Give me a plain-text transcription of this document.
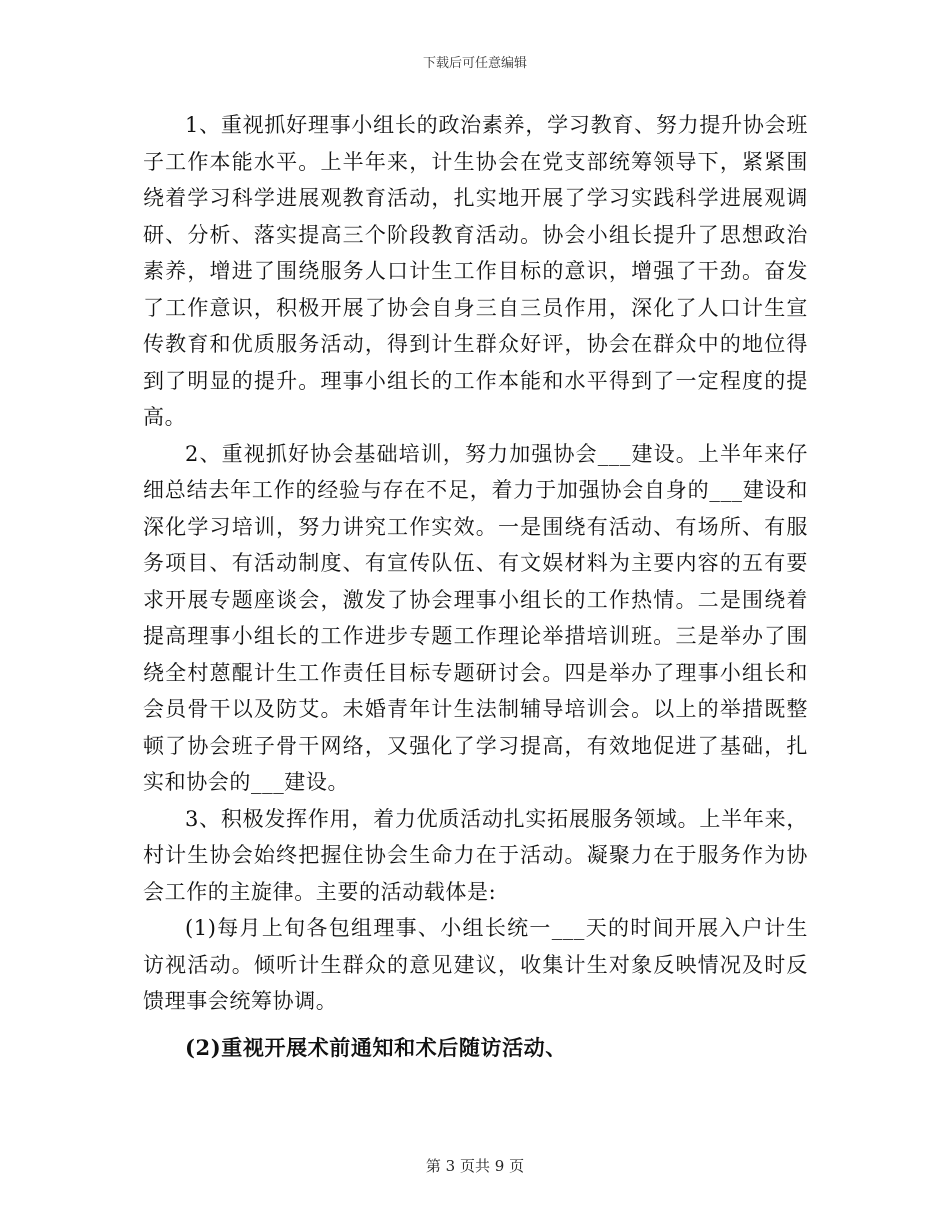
下载后可任意编辑

1、重视抓好理事小组长的政治素养，学习教育、努力提升协会班子工作本能水平。上半年来，计生协会在党支部统筹领导下，紧紧围绕着学习科学进展观教育活动，扎实地开展了学习实践科学进展观调研、分析、落实提高三个阶段教育活动。协会小组长提升了思想政治素养，增进了围绕服务人口计生工作目标的意识，增强了干劲。奋发了工作意识，积极开展了协会自身三自三员作用，深化了人口计生宣传教育和优质服务活动，得到计生群众好评，协会在群众中的地位得到了明显的提升。理事小组长的工作本能和水平得到了一定程度的提高。

2、重视抓好协会基础培训，努力加强协会___建设。上半年来仔细总结去年工作的经验与存在不足，着力于加强协会自身的___建设和深化学习培训，努力讲究工作实效。一是围绕有活动、有场所、有服务项目、有活动制度、有宣传队伍、有文娱材料为主要内容的五有要求开展专题座谈会，激发了协会理事小组长的工作热情。二是围绕着提高理事小组长的工作进步专题工作理论举措培训班。三是举办了围绕全村蒽醌计生工作责任目标专题研讨会。四是举办了理事小组长和会员骨干以及防艾。未婚青年计生法制辅导培训会。以上的举措既整顿了协会班子骨干网络，又强化了学习提高，有效地促进了基础，扎实和协会的___建设。

3、积极发挥作用，着力优质活动扎实拓展服务领域。上半年来，村计生协会始终把握住协会生命力在于活动。凝聚力在于服务作为协会工作的主旋律。主要的活动载体是:

(1)每月上旬各包组理事、小组长统一___天的时间开展入户计生访视活动。倾听计生群众的意见建议，收集计生对象反映情况及时反馈理事会统筹协调。

(2)重视开展术前通知和术后随访活动、

第 3 页共 9 页
